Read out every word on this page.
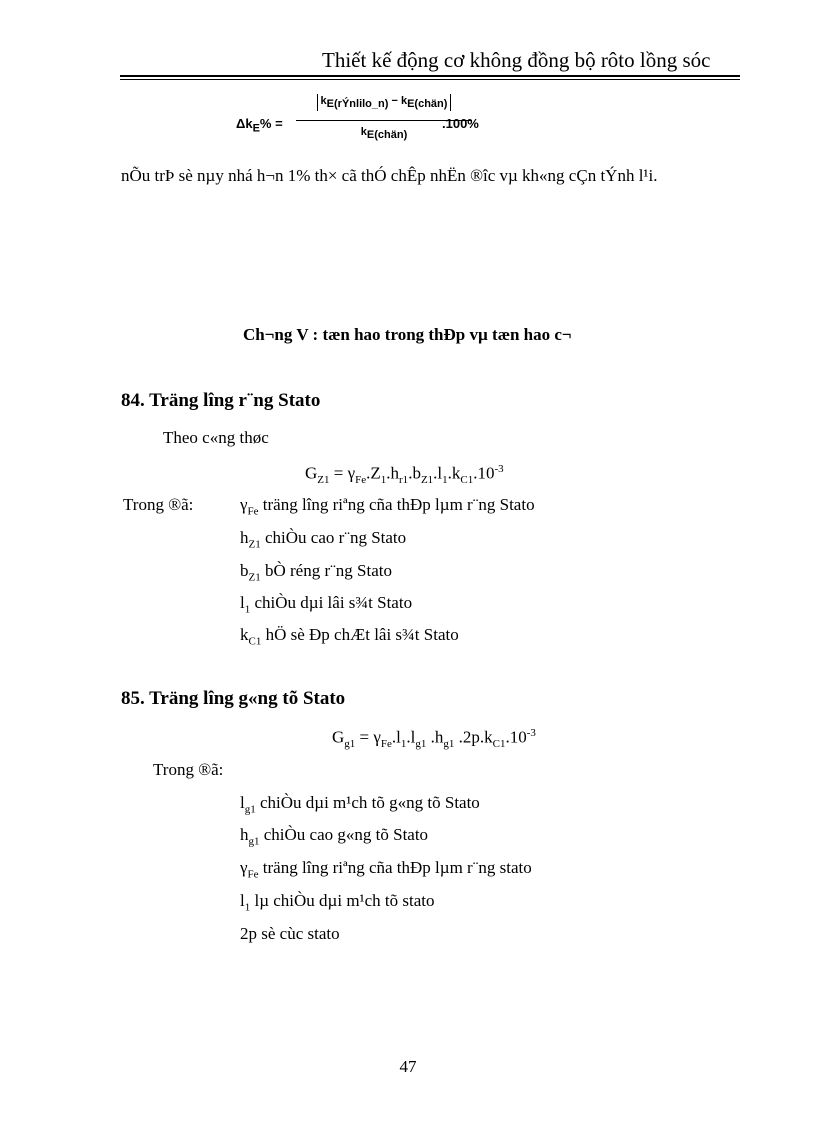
Thiết kế động cơ không đồng bộ rôto lồng sóc
$\Delta k_E\%$ =
$k_{E(rÝnlilo\_n)} - k_{E(chän)}$
$k_{E(chän)}$
.100%
nÕu trÞ sè nµy nhá h¬n 1% th× cã thÓ chÊp nhËn ®îc vµ kh«ng cÇn tÝnh l¹i.
Ch¬ng V : tæn hao trong thÐp vµ tæn hao c¬
84. Träng lîng r¨ng Stato
Theo c«ng thøc
$G_{Z1} = \gamma_{Fe}.Z_1.h_{r1}.b_{Z1}.l_1.k_{C1}.10^{-3}$
Trong ®ã:	$\gamma_{Fe}$ träng lîng riªng cña thÐp lµm r¨ng Stato
$h_{Z1}$ chiÒu cao r¨ng Stato
$b_{Z1}$ bÒ réng r¨ng Stato
$l_1$ chiÒu dµi lâi s¾t Stato
$k_{C1}$ hÖ sè Ðp chÆt lâi s¾t Stato
85. Träng lîng g«ng tõ Stato
$G_{g1} = \gamma_{Fe}.l_1.l_{g1}$ $.h_{g1}$ $.2p.k_{C1}.10^{-3}$
Trong ®ã:
$l_{g1}$ chiÒu dµi m¹ch tõ g«ng tõ Stato
$h_{g1}$ chiÒu cao g«ng tõ Stato
$\gamma_{Fe}$ träng lîng riªng cña thÐp lµm r¨ng stato
$l_1$ lµ chiÒu dµi m¹ch tõ stato
2p sè cùc stato
47
